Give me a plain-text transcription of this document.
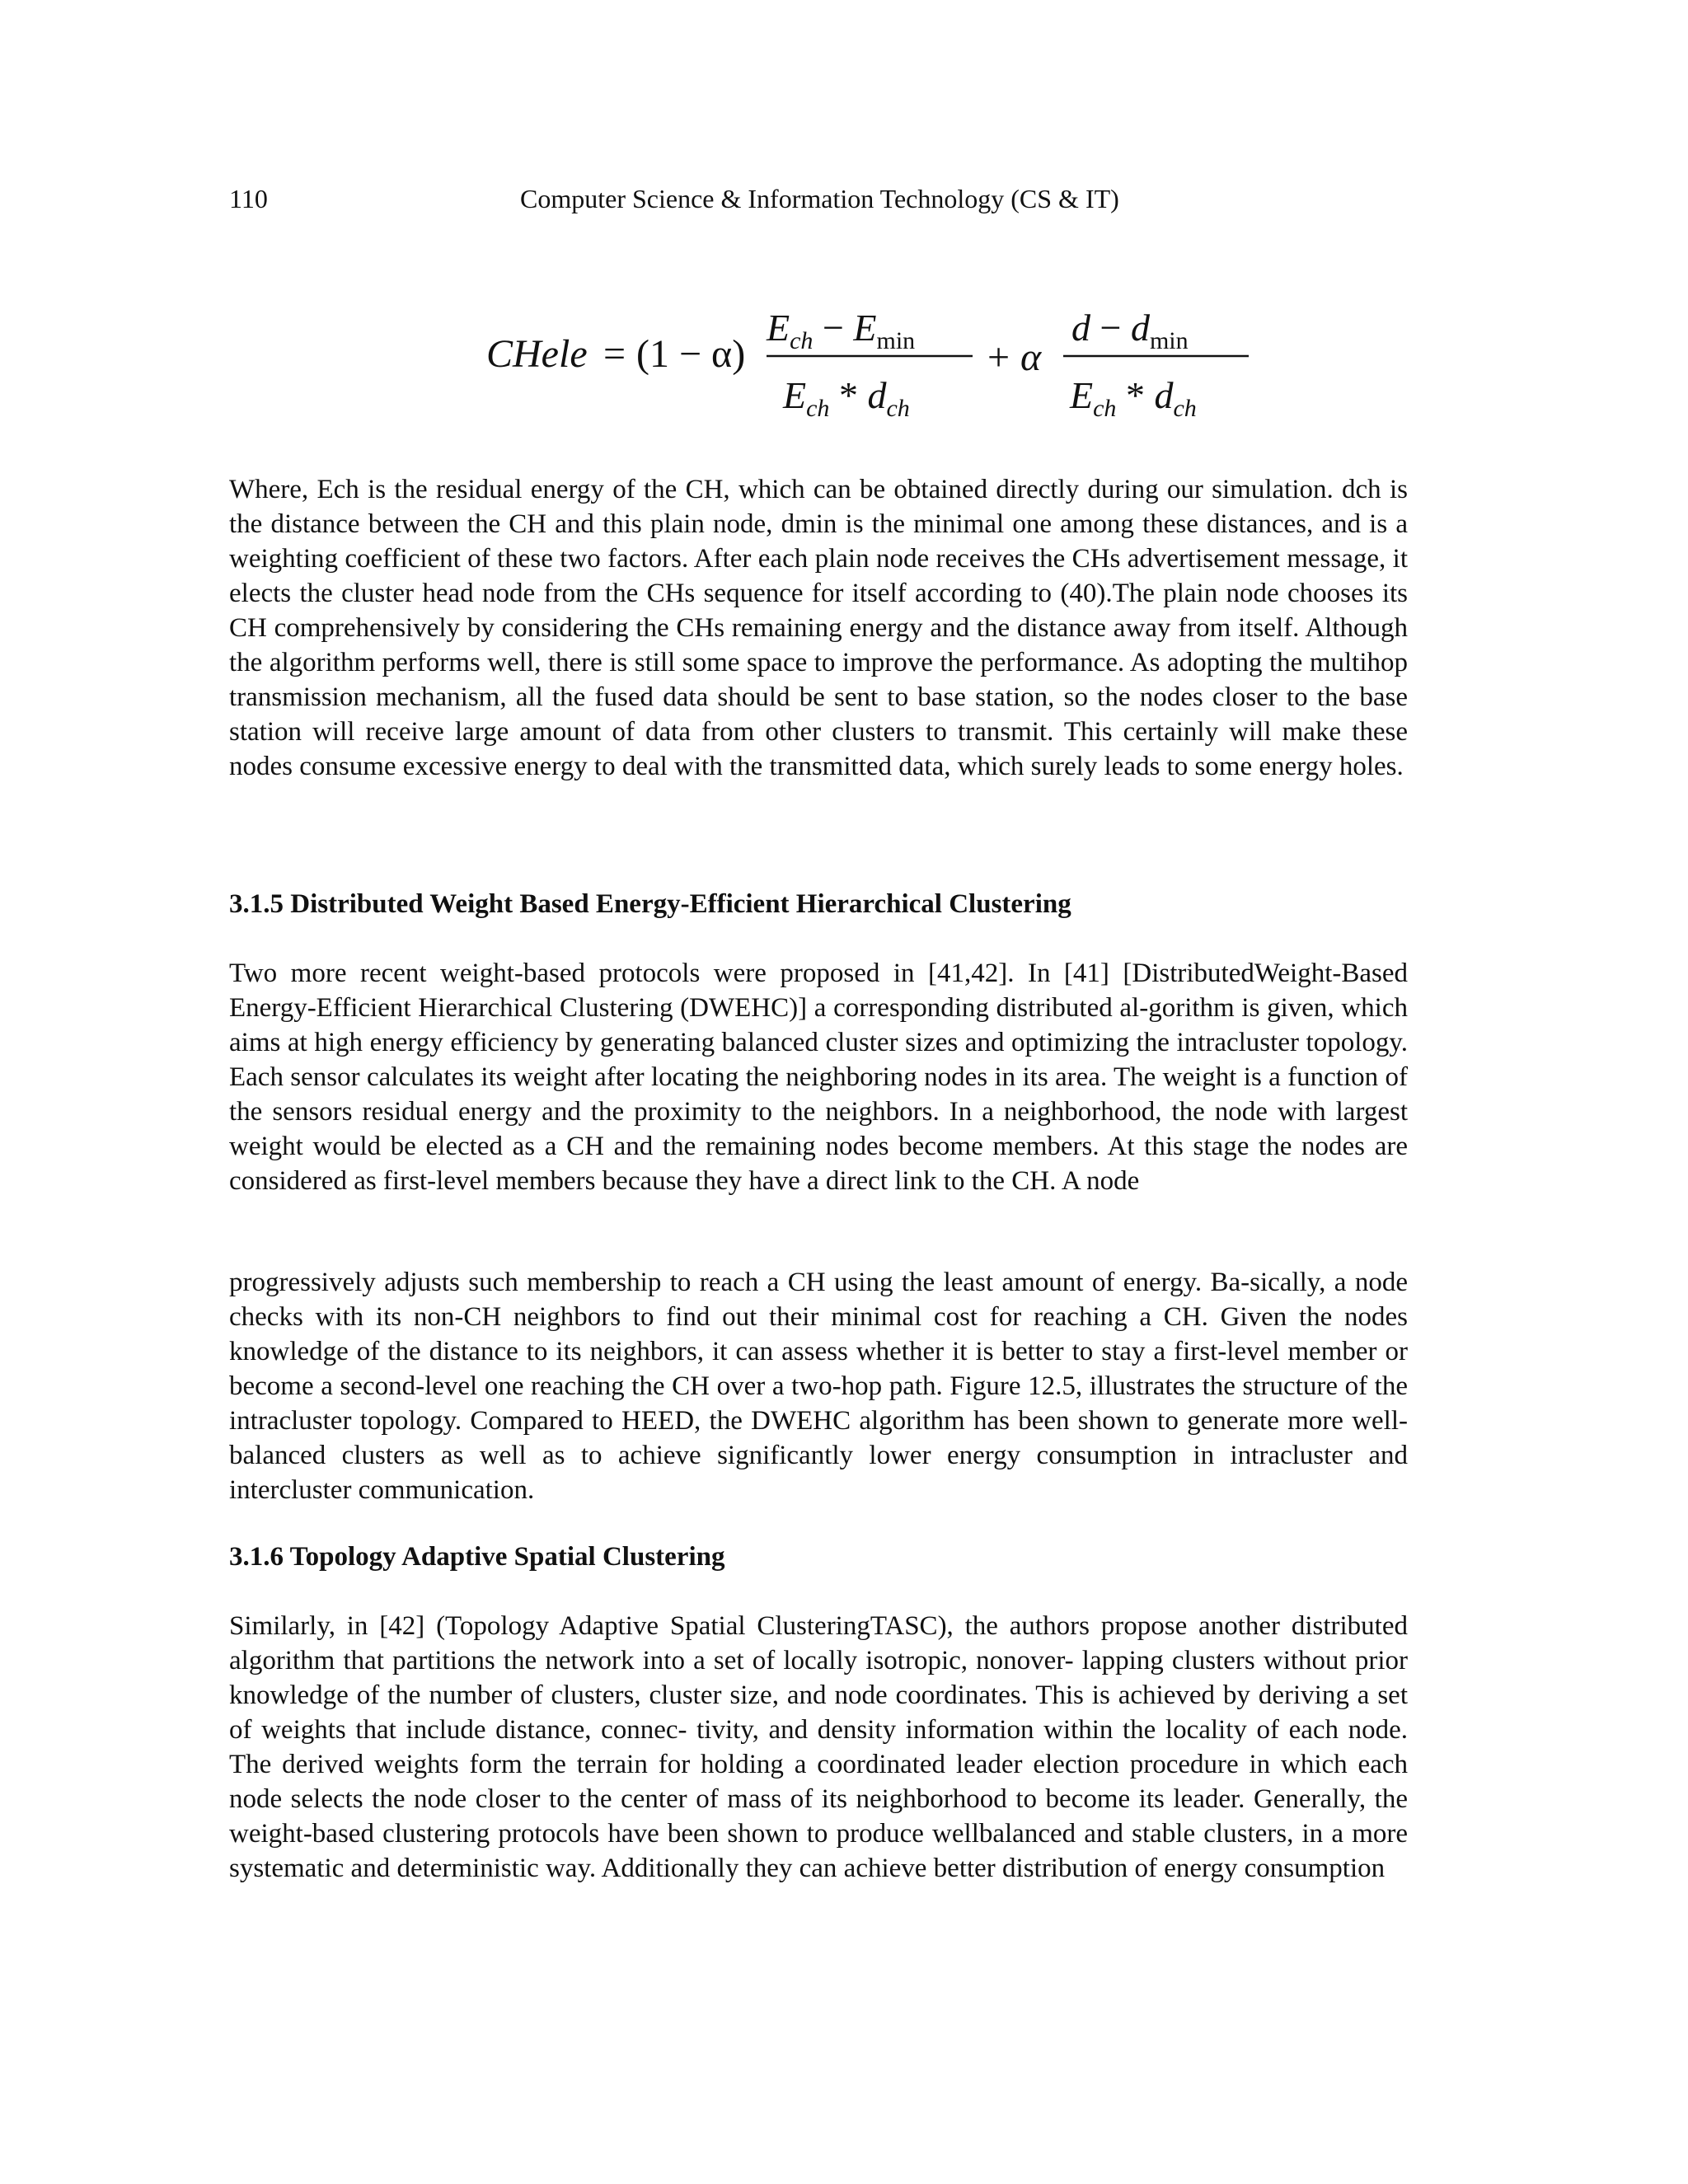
110	Computer Science & Information Technology (CS & IT)
CHele = (1 − α)
$E_{ch} - E_{min}$
$E_{ch} * d_{ch}$
+ α
$d - d_{min}$
$E_{ch} * d_{ch}$

Where, Ech is the residual energy of the CH, which can be obtained directly during our simulation. dch is the distance between the CH and this plain node, dmin is the minimal one among these distances, and is a weighting coefficient of these two factors. After each plain node receives the CHs advertisement message, it elects the cluster head node from the CHs sequence for itself according to (40).The plain node chooses its CH comprehensively by considering the CHs remaining energy and the distance away from itself. Although the algorithm performs well, there is still some space to improve the performance. As adopting the multihop transmission mechanism, all the fused data should be sent to base station, so the nodes closer to the base station will receive large amount of data from other clusters to transmit. This certainly will make these nodes consume excessive energy to deal with the transmitted data, which surely leads to some energy holes.

3.1.5 Distributed Weight Based Energy-Efficient Hierarchical Clustering

Two more recent weight-based protocols were proposed in [41,42]. In [41] [DistributedWeight-Based Energy-Efficient Hierarchical Clustering (DWEHC)] a corresponding distributed al-gorithm is given, which aims at high energy efficiency by generating balanced cluster sizes and optimizing the intracluster topology. Each sensor calculates its weight after locating the neighboring nodes in its area. The weight is a function of the sensors residual energy and the proximity to the neighbors. In a neighborhood, the node with largest weight would be elected as a CH and the remaining nodes become members. At this stage the nodes are considered as first-level members because they have a direct link to the CH. A node

progressively adjusts such membership to reach a CH using the least amount of energy. Ba-sically, a node checks with its non-CH neighbors to find out their minimal cost for reaching a CH. Given the nodes knowledge of the distance to its neighbors, it can assess whether it is better to stay a first-level member or become a second-level one reaching the CH over a two-hop path. Figure 12.5, illustrates the structure of the intracluster topology. Compared to HEED, the DWEHC algorithm has been shown to generate more well-balanced clusters as well as to achieve significantly lower energy consumption in intracluster and intercluster communication.

3.1.6 Topology Adaptive Spatial Clustering

Similarly, in [42] (Topology Adaptive Spatial ClusteringTASC), the authors propose another distributed algorithm that partitions the network into a set of locally isotropic, nonover- lapping clusters without prior knowledge of the number of clusters, cluster size, and node coordinates. This is achieved by deriving a set of weights that include distance, connec- tivity, and density information within the locality of each node. The derived weights form the terrain for holding a coordinated leader election procedure in which each node selects the node closer to the center of mass of its neighborhood to become its leader. Generally, the weight-based clustering protocols have been shown to produce wellbalanced and stable clusters, in a more systematic and deterministic way. Additionally they can achieve better distribution of energy consumption
